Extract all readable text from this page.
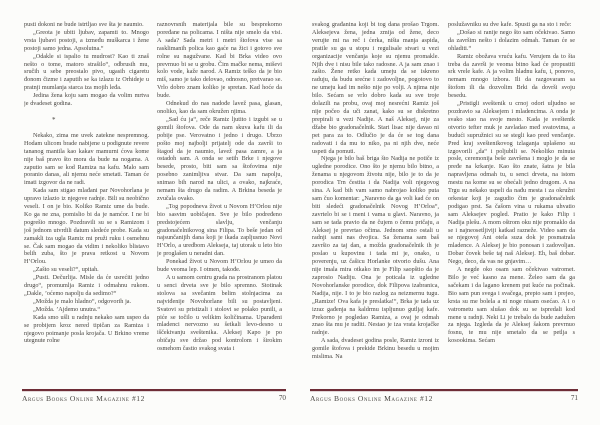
pusti dokoni ne bude istrtljao sve šta je naumio.

„Greota je ubiti ljubav, zapamti to. Mnogo vrsta ljubavi postoji, a između muškarca i žene postoji samo jedna. Apsolutna.“

„Odakle si ispalio tu mudrost? Kao ti znaš nešto o tome, matoro strašilo“, odbrusih mu, sručih u sebe preostalo pivo, ugasih cigaretu đonom čizme i zaputih se ka izlazu iz Orhideje u pratnji mumlanja starca iza mojih leđa.

Jedina žena koju sam mogao da volim mrtva je dvadeset godina.

*

Nekako, zima me uvek zatekne nespremnog. Hodam ulicom brade nabijene u podignute revere tananog mantila kao kakav mamurni ćova kome nije baš pravo što mora da bude na nogama. A zaputio sam se kod Ramiza na kafu. Malo sam poranio danas, ali njemu neće smetati. Taman će imati izgovor da ne radi.

Kada sam stigao mlađani par Novohorlana je upravo izlazio iz njegove radnje. Bili su neobično veseli. I on je bio. Koliko Ramiz ume da bude. Ko ga ne zna, pomislio bi da je namćor. I ne bi pogrešio mnogo. Pozdravili su se s Ramizom i još jednom utvrdili datum sledeće probe. Kada su zamakli iza ugla Ramiz mi pruži ruku i osmehnu se. Čak sam mogao da vidim i nekoliko blistavo belih zuba, što je prava retkost u Novom H’Orlou.

„Zašto su veseli?“, upitah.

„Pusti. Dečurlija. Misle da će usrećiti jedno drugo“, promumlja Ramiz i odmahnu rukom. „Dakle, ’oćemo napolju da sedimo?“

„Možda je malo hladno“, odgovorih ja.

„Možda. ’Ajdemo unutra.“

Kada smo ušli u radnju nekako sam uspeo da se probijem kroz nered tipičan za Ramiza i njegovo poimanje posla krojača. U Brkino vreme utegnute rolne

raznovrsnih materijala bile su besprekorno poređane na policama. I ništa nije smelo da visi. A sada? Sada metri i metri štofova vise sa rasklimanih polica kao gaće na žici i gotovo sve rolne su nagužvane. Kad bi Brka video ovo prevrnuo bi se u grobu. Čim mačke nema, miševi kolo vode, kaže narod. A Ramiz teško da je bio miš, samo je tako delovao, odnosno, pretvarao se. Vrlo dobro znam koliko je spretan. Kad hoće da bude.

Odnekud do nas nadođe lavež pasa, glasan, onoliko, kao da sam okružen njima.

„Sad ću ja“, reče Ramiz ljutito i izgubi se u gomili štofova. Ode da nam skuva kafu ili da pobije pse. Verovatno i jedno i drugo. Ubrzo pošto moj najbolji prijatelj ode da završi to štagod da je naumio, lavež pasa zamre, a ja ostadoh sam. A onda se setih Brke i njegove besede, prosto, biti sam sa štofovima nije posebno zanimljiva stvar. Da sam napolju, snimao bih narod na ulici, a ovako, najkraće, nemam šta drugo da radim. A Brkina beseda je zvučala ovako.

„Tog popodneva život u Novom H’Orlou nije bio sasvim uobičajen. Sve je bilo podređeno predstojećem slavlju, venčanju gradonačelnikovog sina Filipa. To beše jedan od najsunčanijih dana koji je ikada zapljusnuo Novi H’Orlo, a uredbom Alekseja, taj utorak u leto bio je proglašen u neradni dan.

Ponekad život u Novom H’Orlou je umeo da bude veoma lep. I otmen, takođe.

A u samom centru grada na prostranom platou u senci drveta sve je bilo spremno. Stotinak stolova sa svečanim belim stolnjacima za najviđenije Novohorlane bili su postavljeni. Svatovi su pristizali i stolovi se polako punili, a piće se točilo u velikim količinama. Uparađeni mladenci nervozno su šetkali levo-desno u iščekivanju sveštenika. Aleksej Kapo je po običaju sve držao pod kontrolom i širokim osmehom častio svakog svata i

Argus Books Online Magazine #12	70

svakog građanina koji bi tog dana prošao Trgom. Aleksejeva žena, jedna zmija od žene, deco verujte mi na reč i ćerka, ništa manja aspida, pratile su ga u stopu i regulisale stvari u vezi organizacije venčanja koje su njemu promakle. Njih dve i nisu bile tako radosne. A ja sam znao i zašto. Žene retko kada umeju da se iskreno raduju, da budu srećne i zadovoljne, pogotovo to ne umeju kad im nešto nije po volji. A njima nije bilo. Sećam se vrlo dobro kada su sve troje dolazili na probu, ovaj moj nesrećni Ramiz još nije počeo da uči zanat, kako su se diskretno prepirali u vezi Nadije. A naš Aleksej, nije za džabe bio gradonačelnik. Stari lisac nije davao ni pet para za to. Odlučio je da će se tog dana radovati i da mu to niko, pa ni njih dve, neće uspeti da pomuti.

Njega je bilo baš briga što Nadija ne potiče iz ugledne porodice. Ono što je njemu bilo bitno, a ženama u njegovom životu nije, bilo je to da je porodica Trn čestita i da Nadija voli njegovog sina. A kad bih vam samo nabrojao koliko puta sam čuo komentar: „Naravno da ga voli kad će on biti sledeći gradonačelnik Novog H’Orloa“, zavrtelo bi se i meni i vama u glavi. Naravno, ja sam se tada pravio da ne čujem o čemu pričaju, a Aleksej je prevrtao očima. Jednom smo ostali u radnji sami nas dvojica. Sa ženama sam baš završio za taj dan, a možda gradonačelnik ih je poslao u kupovinu i tada mi je, onako, u poverenju, uz čašicu Horlanke otvorio dušu. Ana nije imala mira otkako im je Filip saopštio da je zaprosio Nadiju. Ona je poticala iz ugledne Novohorlanske porodice, dok Filipova izabranica, Nadija, nije. I to je bio razlog za neizmernu tugu. „Ramize! Ova kafa je preslatka!“, Brka je tada uz izraz gađenja na kaldrmu ispljunuo gutljaj kafe. Prekorno je pogledao Ramiza, a ovaj je odmah znao šta mu je raditi. Nestao je iza vrata krojačke radnje.

A sada, dvadeset godina posle, Ramiz izroni iz gomile štofova i prekide Brkinu besedu u mojim mislima. Na

poslužavniku su dve kafe. Spusti ga na sto i reče:

„Došao si ranije nego što sam očekivao. Samo da završim nešto i dolazim odmah. Taman će se ohladiti.“

Ramiz obožava vruću kafu. Verujem da to šta treba da završi je veoma bitno kad će propustiti srk vrele kafe. A ja volim hladnu kafu, i, ponovo, nemam mnogo izbora. Ili da razgovaram sa štofom ili da dozvolim Brki da dovrši svoju besedu.

„Pristigli sveštenik u crnoj odori uljudno se pozdravio sa Aleksejem i mladencima. A onda je svako stao na svoje mesto. Kada je sveštenik otvorio tefter muk je zavladao međ svatovima, a budući supružnici su se stegli kao pred venčanje. Pred kraj sveštenikovog izlaganja uplašeno su izgovorili „da“ i poljubili se. Nekoliko minuta posle, ceremonija beše završena i moglo je da se pređe na krkanje. Kao što znate, šatra je bila napravljena odmah tu, u senci drveta, na istom mestu na kome su se obećali jedno drugom. A na Trgu su nekako uspeli da nađu mesta i za okružni orkestar koji je zagudio čim je gradonačelnik podigao prst. Sa čašom vina u rukama uhvatio sam Aleksejev pogled. Pratio je kako Filip i Nadija plešu. A mom oštrom oku nije promaklo da se i najneosetljiviji katkad razneže. Video sam da se njegovoj Ani otela suza dok je posmatrala mladence. A Aleksej je bio ponosan i zadovoljan. Dobar čovek beše taj naš Aleksej. Eh, baš dobar. Nego, deco, da vas ne gnjavim…

A negde oko osam sam očekivao vatromet. Bilo je već kasno za mene. Želeo sam da ga sačekam i da lagano krenem put kuće na počinak. Bio sam pun svega i svačega, prepio sam i prejeo, krsta su me bolela a ni noge nisam osećao. A i o vatrometu sam slušao dok su se ispredali kod mene u radnji. Neki Li je trebalo da bude zadužen za njega. Izgleda da je Aleksej šakom prevrnuo fosnu, te mu nije smetalo da se petlja s kosookima. Sećam

Argus Books Online Magazine #12	71
